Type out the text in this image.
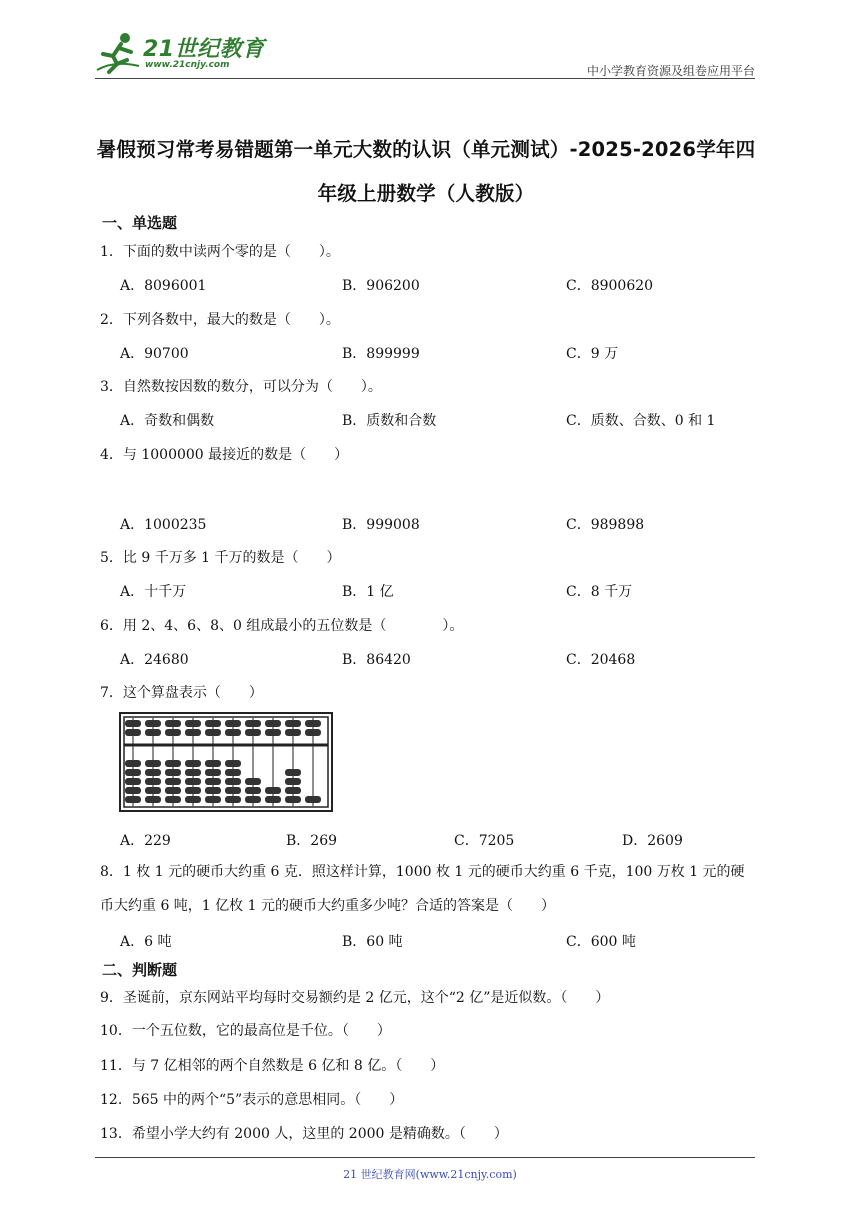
21世纪教育
www.21cnjy.com	中小学教育资源及组卷应用平台
暑假预习常考易错题第一单元大数的认识（单元测试）-2025-2026学年四年级上册数学（人教版）
一、单选题
1．下面的数中读两个零的是（　　）。
A．8096001	B．906200	C．8900620
2．下列各数中，最大的数是（　　）。
A．90700	B．899999	C．9 万
3．自然数按因数的数分，可以分为（　　）。
A．奇数和偶数	B．质数和合数	C．质数、合数、0 和 1
4．与 1000000 最接近的数是（　　）
A．1000235	B．999008	C．989898
5．比 9 千万多 1 千万的数是（　　）
A．十千万	B．1 亿	C．8 千万
6．用 2、4、6、8、0 组成最小的五位数是（　　　　）。
A．24680	B．86420	C．20468
7．这个算盘表示（　　）
A．229	B．269	C．7205	D．2609
8．1 枚 1 元的硬币大约重 6 克．照这样计算，1000 枚 1 元的硬币大约重 6 千克，100 万枚 1 元的硬币大约重 6 吨，1 亿枚 1 元的硬币大约重多少吨？合适的答案是（　　）
A．6 吨	B．60 吨	C．600 吨
二、判断题
9．圣诞前，京东网站平均每时交易额约是 2 亿元，这个“2 亿”是近似数。（　　）
10．一个五位数，它的最高位是千位。（　　）
11．与 7 亿相邻的两个自然数是 6 亿和 8 亿。（　　）
12．565 中的两个“5”表示的意思相同。（　　）
13．希望小学大约有 2000 人，这里的 2000 是精确数。（　　）
21 世纪教育网(www.21cnjy.com)
